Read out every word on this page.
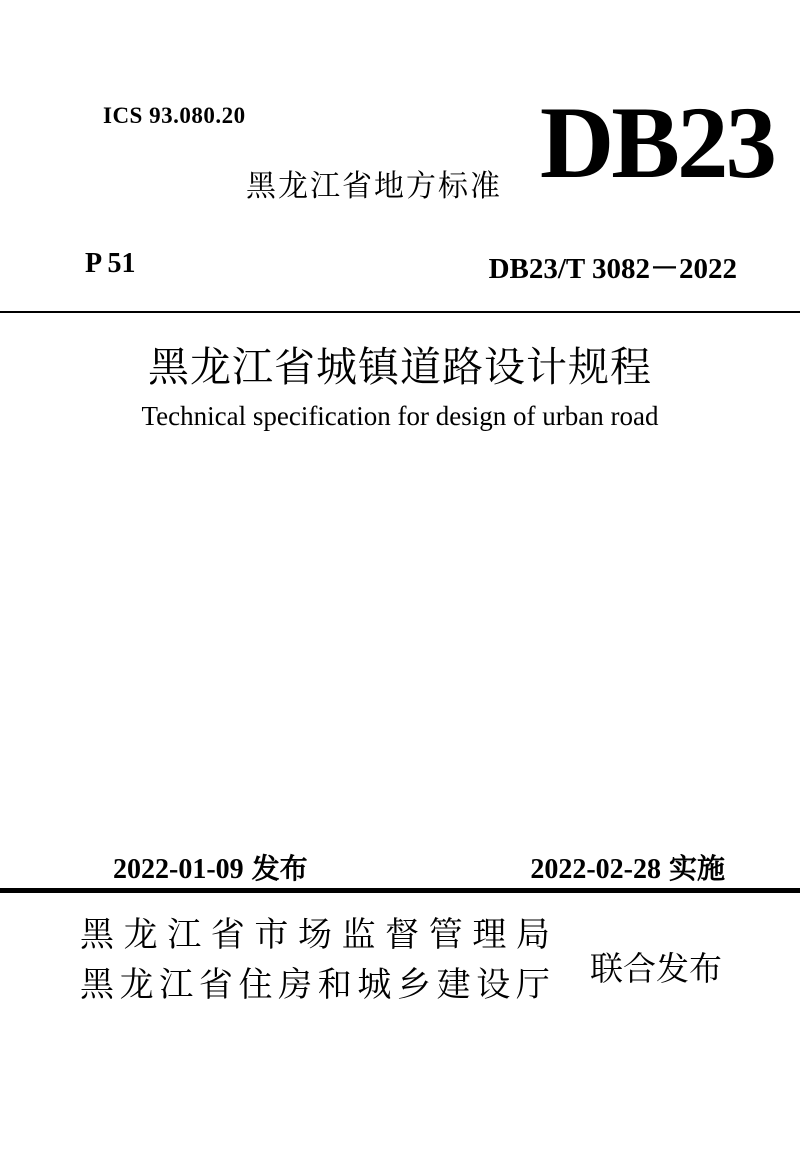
ICS 93.080.20
黑龙江省地方标准 DB23
P 51	DB23/T 3082－2022
黑龙江省城镇道路设计规程
Technical specification for design of urban road
2022-01-09 发布	2022-02-28 实施
黑 龙 江 省 市 场 监 督 管 理 局
黑 龙 江 省 住 房 和 城 乡 建 设 厅 联合发布
